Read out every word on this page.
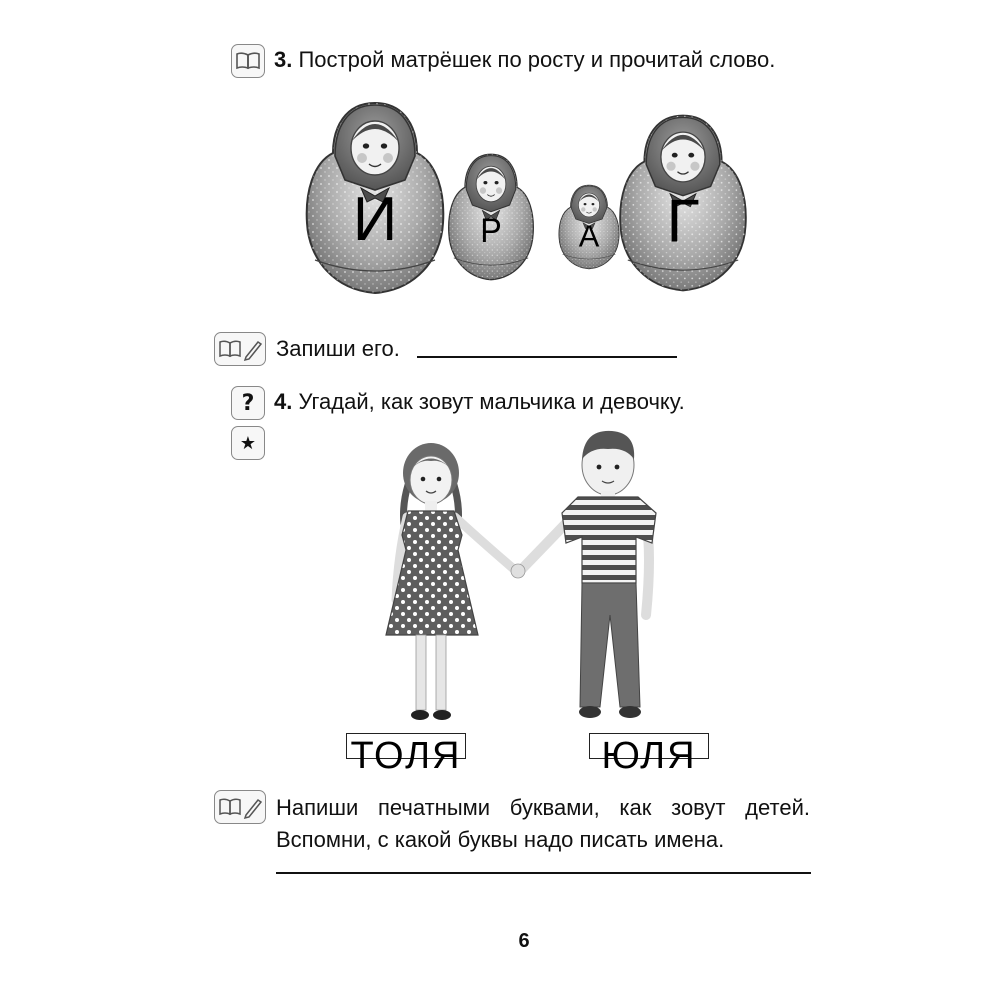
3. Построй матрёшек по росту и прочитай слово.
И Р А Г
Запиши его.
? 4. Угадай, как зовут мальчика и девочку.
★
ТОЛЯ	ЮЛЯ
Напиши печатными буквами, как зовут детей.
Вспомни, с какой буквы надо писать имена.
6
